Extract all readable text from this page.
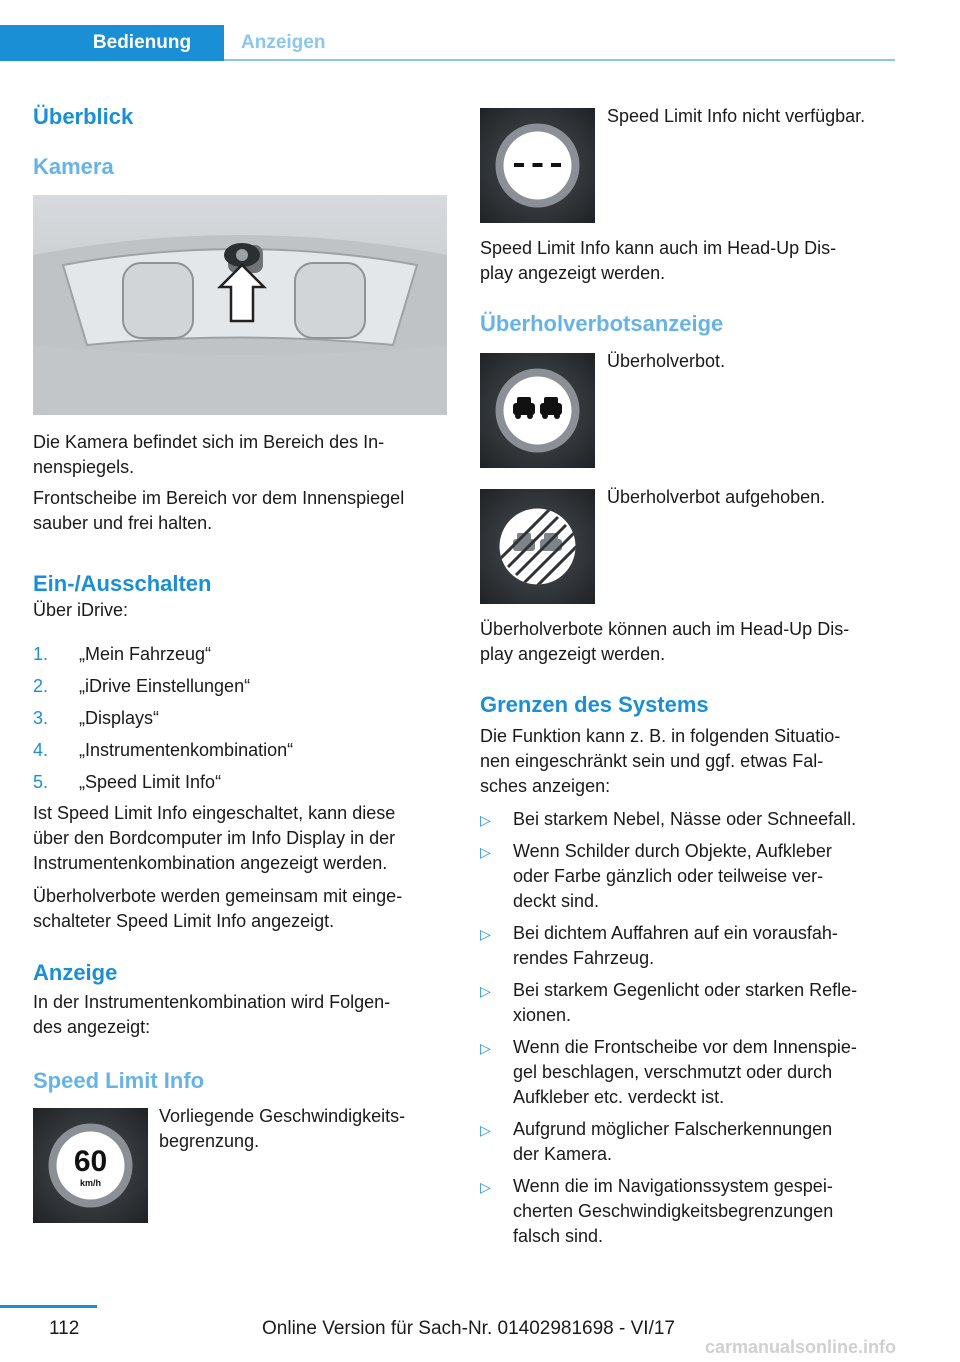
Bedienung	Anzeigen
Überblick
Kamera
Die Kamera befindet sich im Bereich des In-
nenspiegels.
Frontscheibe im Bereich vor dem Innenspiegel
sauber und frei halten.
Ein-/Ausschalten
Über iDrive:
1. „Mein Fahrzeug“
2. „iDrive Einstellungen“
3. „Displays“
4. „Instrumentenkombination“
5. „Speed Limit Info“
Ist Speed Limit Info eingeschaltet, kann diese
über den Bordcomputer im Info Display in der
Instrumentenkombination angezeigt werden.
Überholverbote werden gemeinsam mit einge-
schalteter Speed Limit Info angezeigt.
Anzeige
In der Instrumentenkombination wird Folgen-
des angezeigt:
Speed Limit Info
60
km/h
Vorliegende Geschwindigkeits-
begrenzung.
Speed Limit Info nicht verfügbar.
Speed Limit Info kann auch im Head-Up Dis-
play angezeigt werden.
Überholverbotsanzeige
Überholverbot.
Überholverbot aufgehoben.
Überholverbote können auch im Head-Up Dis-
play angezeigt werden.
Grenzen des Systems
Die Funktion kann z. B. in folgenden Situatio-
nen eingeschränkt sein und ggf. etwas Fal-
sches anzeigen:
▷ Bei starkem Nebel, Nässe oder Schneefall.
▷ Wenn Schilder durch Objekte, Aufkleber
oder Farbe gänzlich oder teilweise ver-
deckt sind.
▷ Bei dichtem Auffahren auf ein vorausfah-
rendes Fahrzeug.
▷ Bei starkem Gegenlicht oder starken Refle-
xionen.
▷ Wenn die Frontscheibe vor dem Innenspie-
gel beschlagen, verschmutzt oder durch
Aufkleber etc. verdeckt ist.
▷ Aufgrund möglicher Falscherkennungen
der Kamera.
▷ Wenn die im Navigationssystem gespei-
cherten Geschwindigkeitsbegrenzungen
falsch sind.
112	Online Version für Sach-Nr. 01402981698 - VI/17
carmanualsonline.info
